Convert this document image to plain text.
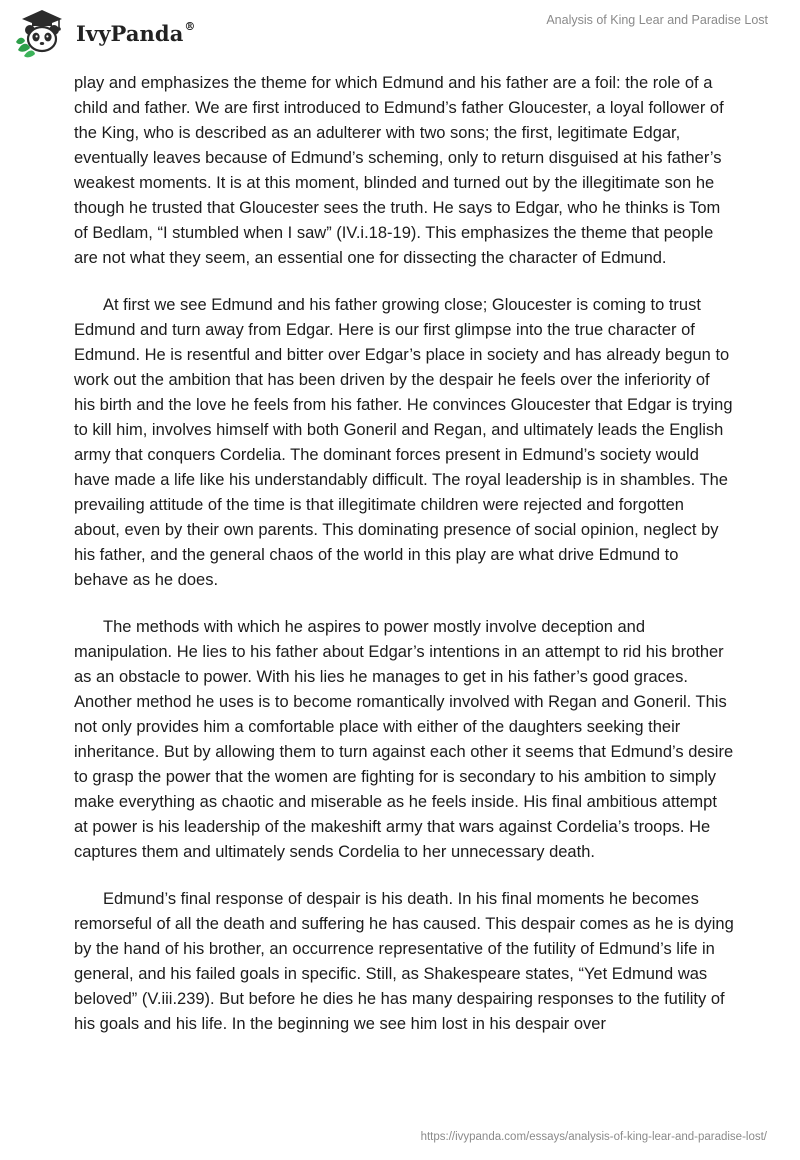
IvyPanda®	Analysis of King Lear and Paradise Lost

play and emphasizes the theme for which Edmund and his father are a foil: the role of a child and father. We are first introduced to Edmund’s father Gloucester, a loyal follower of the King, who is described as an adulterer with two sons; the first, legitimate Edgar, eventually leaves because of Edmund’s scheming, only to return disguised at his father’s weakest moments. It is at this moment, blinded and turned out by the illegitimate son he though he trusted that Gloucester sees the truth. He says to Edgar, who he thinks is Tom of Bedlam, “I stumbled when I saw” (IV.i.18-19). This emphasizes the theme that people are not what they seem, an essential one for dissecting the character of Edmund.

At first we see Edmund and his father growing close; Gloucester is coming to trust Edmund and turn away from Edgar. Here is our first glimpse into the true character of Edmund. He is resentful and bitter over Edgar’s place in society and has already begun to work out the ambition that has been driven by the despair he feels over the inferiority of his birth and the love he feels from his father. He convinces Gloucester that Edgar is trying to kill him, involves himself with both Goneril and Regan, and ultimately leads the English army that conquers Cordelia. The dominant forces present in Edmund’s society would have made a life like his understandably difficult. The royal leadership is in shambles. The prevailing attitude of the time is that illegitimate children were rejected and forgotten about, even by their own parents. This dominating presence of social opinion, neglect by his father, and the general chaos of the world in this play are what drive Edmund to behave as he does.

The methods with which he aspires to power mostly involve deception and manipulation. He lies to his father about Edgar’s intentions in an attempt to rid his brother as an obstacle to power. With his lies he manages to get in his father’s good graces. Another method he uses is to become romantically involved with Regan and Goneril. This not only provides him a comfortable place with either of the daughters seeking their inheritance. But by allowing them to turn against each other it seems that Edmund’s desire to grasp the power that the women are fighting for is secondary to his ambition to simply make everything as chaotic and miserable as he feels inside. His final ambitious attempt at power is his leadership of the makeshift army that wars against Cordelia’s troops. He captures them and ultimately sends Cordelia to her unnecessary death.

Edmund’s final response of despair is his death. In his final moments he becomes remorseful of all the death and suffering he has caused. This despair comes as he is dying by the hand of his brother, an occurrence representative of the futility of Edmund’s life in general, and his failed goals in specific. Still, as Shakespeare states, “Yet Edmund was beloved” (V.iii.239). But before he dies he has many despairing responses to the futility of his goals and his life. In the beginning we see him lost in his despair over

https://ivypanda.com/essays/analysis-of-king-lear-and-paradise-lost/
